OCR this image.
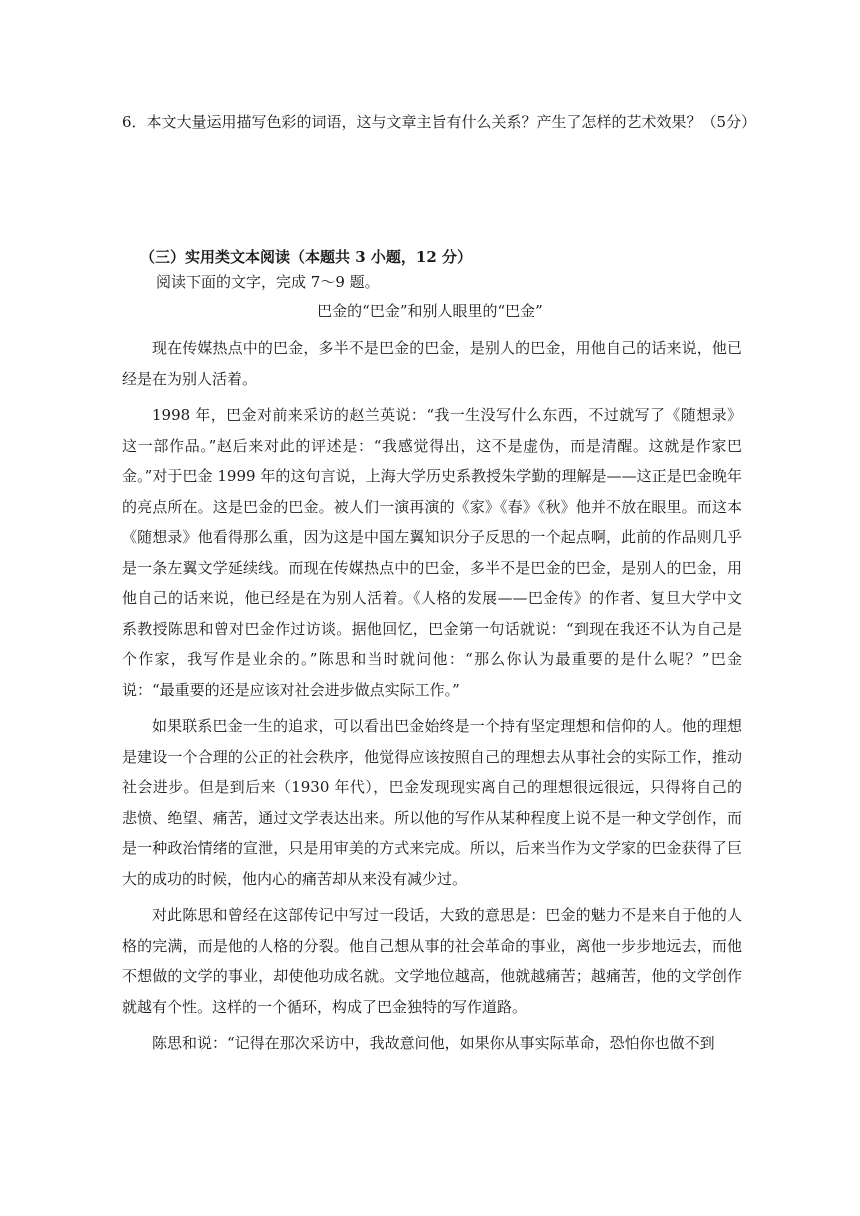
6．本文大量运用描写色彩的词语，这与文章主旨有什么关系？产生了怎样的艺术效果？（5分）
（三）实用类文本阅读（本题共 3 小题，12 分）
阅读下面的文字，完成 7～9 题。
巴金的“巴金”和别人眼里的“巴金”

现在传媒热点中的巴金，多半不是巴金的巴金，是别人的巴金，用他自己的话来说，他已经是在为别人活着。

1998 年，巴金对前来采访的赵兰英说：“我一生没写什么东西，不过就写了《随想录》这一部作品。”赵后来对此的评述是：“我感觉得出，这不是虚伪，而是清醒。这就是作家巴金。”对于巴金 1999 年的这句言说，上海大学历史系教授朱学勤的理解是——这正是巴金晚年的亮点所在。这是巴金的巴金。被人们一演再演的《家》《春》《秋》他并不放在眼里。而这本《随想录》他看得那么重，因为这是中国左翼知识分子反思的一个起点啊，此前的作品则几乎是一条左翼文学延续线。而现在传媒热点中的巴金，多半不是巴金的巴金，是别人的巴金，用他自己的话来说，他已经是在为别人活着。《人格的发展——巴金传》的作者、复旦大学中文系教授陈思和曾对巴金作过访谈。据他回忆，巴金第一句话就说：“到现在我还不认为自己是个作家，我写作是业余的。”陈思和当时就问他：“那么你认为最重要的是什么呢？”巴金说：“最重要的还是应该对社会进步做点实际工作。”

如果联系巴金一生的追求，可以看出巴金始终是一个持有坚定理想和信仰的人。他的理想是建设一个合理的公正的社会秩序，他觉得应该按照自己的理想去从事社会的实际工作，推动社会进步。但是到后来（1930 年代），巴金发现现实离自己的理想很远很远，只得将自己的悲愤、绝望、痛苦，通过文学表达出来。所以他的写作从某种程度上说不是一种文学创作，而是一种政治情绪的宣泄，只是用审美的方式来完成。所以，后来当作为文学家的巴金获得了巨大的成功的时候，他内心的痛苦却从来没有减少过。

对此陈思和曾经在这部传记中写过一段话，大致的意思是：巴金的魅力不是来自于他的人格的完满，而是他的人格的分裂。他自己想从事的社会革命的事业，离他一步步地远去，而他不想做的文学的事业，却使他功成名就。文学地位越高，他就越痛苦；越痛苦，他的文学创作就越有个性。这样的一个循环，构成了巴金独特的写作道路。

陈思和说：“记得在那次采访中，我故意问他，如果你从事实际革命，恐怕你也做不到
